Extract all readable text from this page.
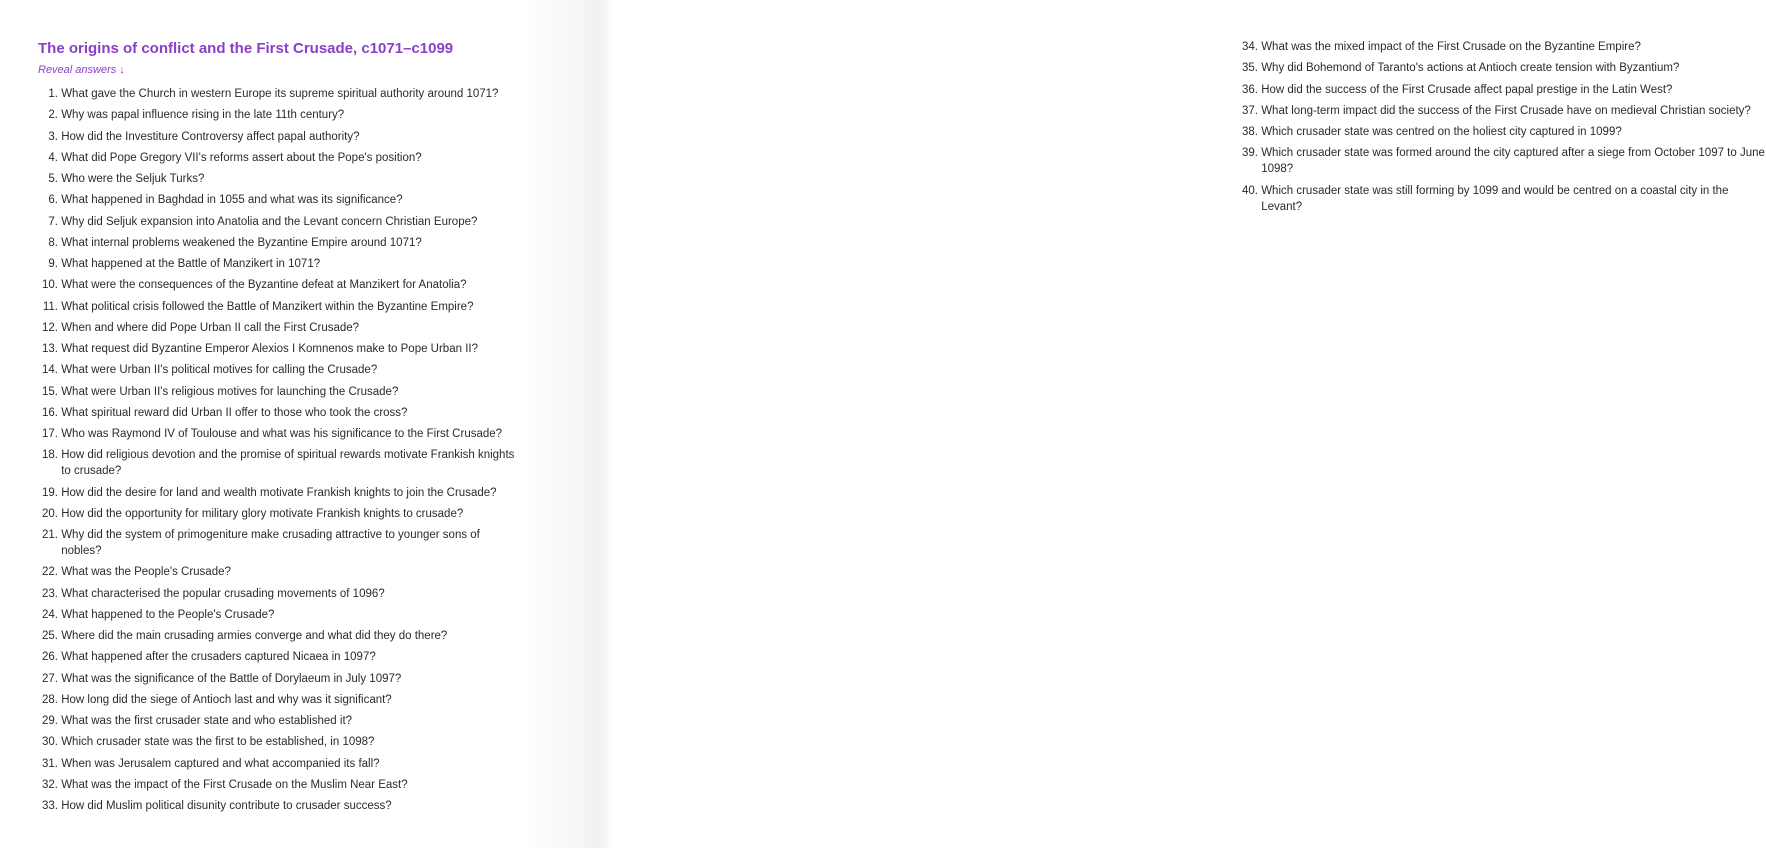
The origins of conflict and the First Crusade, c1071–c1099
Reveal answers ↓
1.
What gave the Church in western Europe its supreme spiritual authority around 1071?
2.
Why was papal influence rising in the late 11th century?
3.
How did the Investiture Controversy affect papal authority?
4.
What did Pope Gregory VII's reforms assert about the Pope's position?
5.
Who were the Seljuk Turks?
6.
What happened in Baghdad in 1055 and what was its significance?
7.
Why did Seljuk expansion into Anatolia and the Levant concern Christian Europe?
8.
What internal problems weakened the Byzantine Empire around 1071?
9.
What happened at the Battle of Manzikert in 1071?
10.
What were the consequences of the Byzantine defeat at Manzikert for Anatolia?
11.
What political crisis followed the Battle of Manzikert within the Byzantine Empire?
12.
When and where did Pope Urban II call the First Crusade?
13.
What request did Byzantine Emperor Alexios I Komnenos make to Pope Urban II?
14.
What were Urban II's political motives for calling the Crusade?
15.
What were Urban II's religious motives for launching the Crusade?
16.
What spiritual reward did Urban II offer to those who took the cross?
17.
Who was Raymond IV of Toulouse and what was his significance to the First Crusade?
18.
How did religious devotion and the promise of spiritual rewards motivate Frankish knights to crusade?
19.
How did the desire for land and wealth motivate Frankish knights to join the Crusade?
20.
How did the opportunity for military glory motivate Frankish knights to crusade?
21.
Why did the system of primogeniture make crusading attractive to younger sons of nobles?
22.
What was the People's Crusade?
23.
What characterised the popular crusading movements of 1096?
24.
What happened to the People's Crusade?
25.
Where did the main crusading armies converge and what did they do there?
26.
What happened after the crusaders captured Nicaea in 1097?
27.
What was the significance of the Battle of Dorylaeum in July 1097?
28.
How long did the siege of Antioch last and why was it significant?
29.
What was the first crusader state and who established it?
30.
Which crusader state was the first to be established, in 1098?
31.
When was Jerusalem captured and what accompanied its fall?
32.
What was the impact of the First Crusade on the Muslim Near East?
33.
How did Muslim political disunity contribute to crusader success?
34.
What was the mixed impact of the First Crusade on the Byzantine Empire?
35.
Why did Bohemond of Taranto's actions at Antioch create tension with Byzantium?
36.
How did the success of the First Crusade affect papal prestige in the Latin West?
37.
What long-term impact did the success of the First Crusade have on medieval Christian society?
38.
Which crusader state was centred on the holiest city captured in 1099?
39.
Which crusader state was formed around the city captured after a siege from October 1097 to June 1098?
40.
Which crusader state was still forming by 1099 and would be centred on a coastal city in the Levant?
